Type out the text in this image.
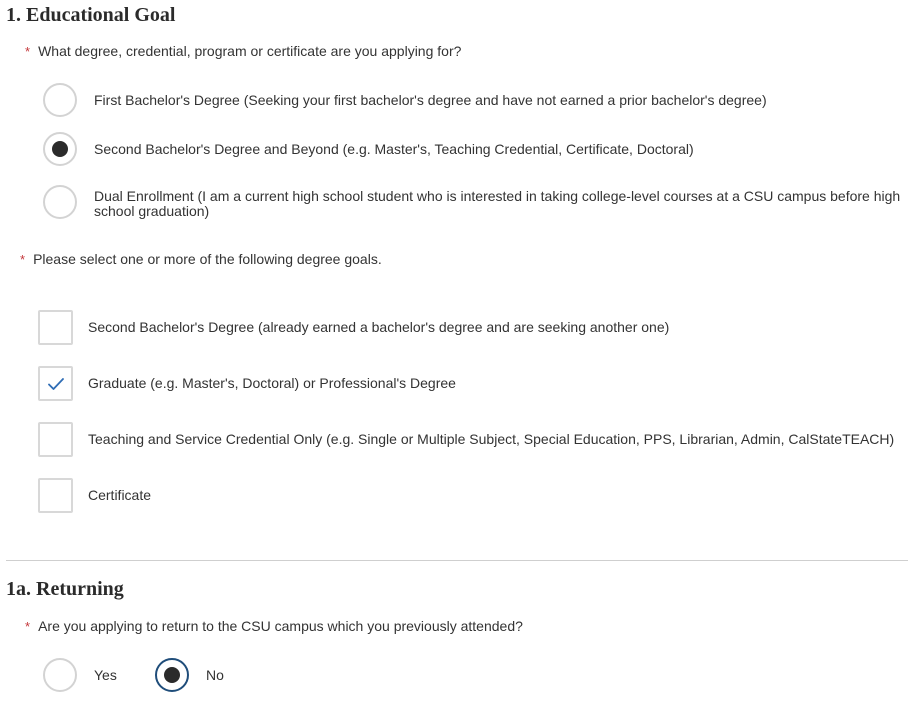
1. Educational Goal
* What degree, credential, program or certificate are you applying for?
First Bachelor's Degree (Seeking your first bachelor's degree and have not earned a prior bachelor's degree)
Second Bachelor's Degree and Beyond (e.g. Master's, Teaching Credential, Certificate, Doctoral)
Dual Enrollment (I am a current high school student who is interested in taking college-level courses at a CSU campus before high school graduation)
* Please select one or more of the following degree goals.
Second Bachelor's Degree (already earned a bachelor's degree and are seeking another one)
Graduate (e.g. Master's, Doctoral) or Professional's Degree
Teaching and Service Credential Only (e.g. Single or Multiple Subject, Special Education, PPS, Librarian, Admin, CalStateTEACH)
Certificate
1a. Returning
* Are you applying to return to the CSU campus which you previously attended?
Yes	No
